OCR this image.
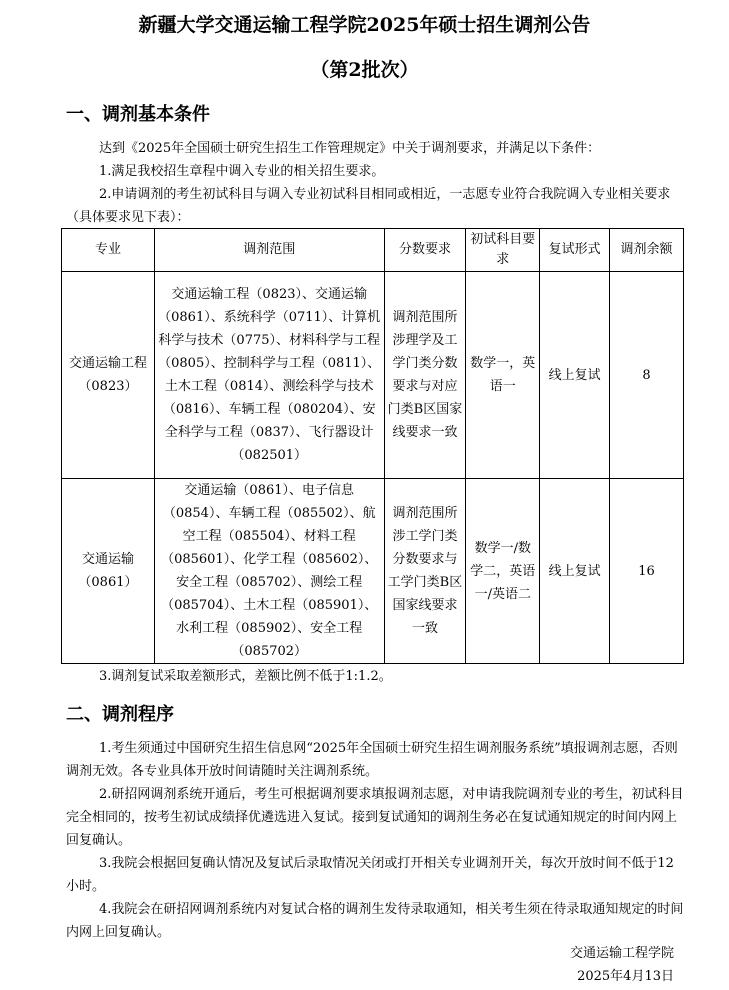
新疆大学交通运输工程学院2025年硕士招生调剂公告
（第2批次）
一、调剂基本条件
达到《2025年全国硕士研究生招生工作管理规定》中关于调剂要求，并满足以下条件：
1.满足我校招生章程中调入专业的相关招生要求。
2.申请调剂的考生初试科目与调入专业初试科目相同或相近，一志愿专业符合我院调入专业相关要求（具体要求见下表）：
专业	调剂范围	分数要求	初试科目要求	复试形式	调剂余额
交通运输工程（0823）	交通运输工程（0823）、交通运输（0861）、系统科学（0711）、计算机科学与技术（0775）、材料科学与工程（0805）、控制科学与工程（0811）、土木工程（0814）、测绘科学与技术（0816）、车辆工程（080204）、安全科学与工程（0837）、飞行器设计（082501）	调剂范围所涉理学及工学门类分数要求与对应门类B区国家线要求一致	数学一，英语一	线上复试	8
交通运输（0861）	交通运输（0861）、电子信息（0854）、车辆工程（085502）、航空工程（085504）、材料工程（085601）、化学工程（085602）、安全工程（085702）、测绘工程（085704）、土木工程（085901）、水利工程（085902）、安全工程（085702）	调剂范围所涉工学门类分数要求与工学门类B区国家线要求一致	数学一/数学二，英语一/英语二	线上复试	16
3.调剂复试采取差额形式，差额比例不低于1:1.2。
二、调剂程序
1.考生须通过中国研究生招生信息网“2025年全国硕士研究生招生调剂服务系统”填报调剂志愿，否则调剂无效。各专业具体开放时间请随时关注调剂系统。
2.研招网调剂系统开通后，考生可根据调剂要求填报调剂志愿，对申请我院调剂专业的考生，初试科目完全相同的，按考生初试成绩择优遴选进入复试。接到复试通知的调剂生务必在复试通知规定的时间内网上回复确认。
3.我院会根据回复确认情况及复试后录取情况关闭或打开相关专业调剂开关，每次开放时间不低于12小时。
4.我院会在研招网调剂系统内对复试合格的调剂生发待录取通知，相关考生须在待录取通知规定的时间内网上回复确认。
交通运输工程学院
2025年4月13日
